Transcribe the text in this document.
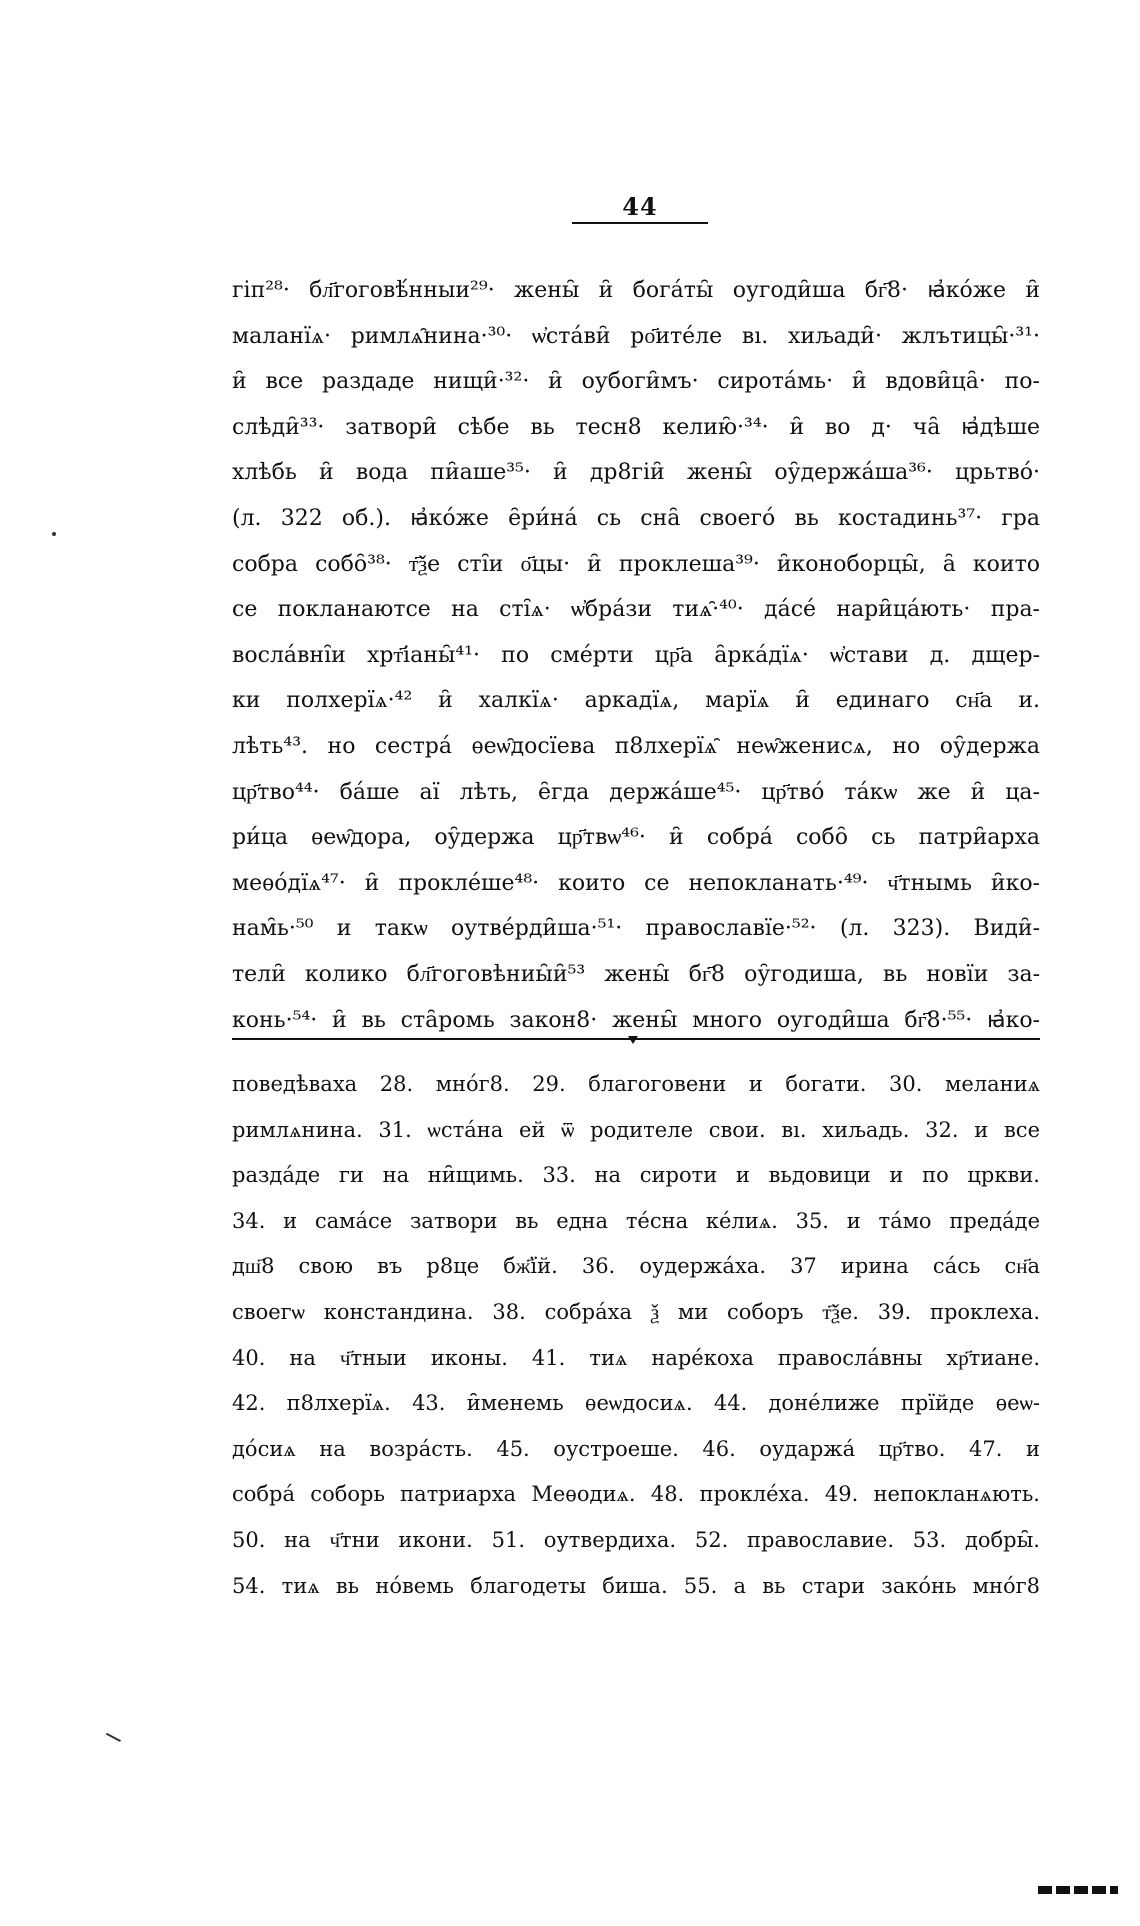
44
гіп²⁸· бл҃гоговѣ́нныи²⁹· жены̑ и̑ бога́ты̑ оугоди̑ша бг҃8· ꙗ҆ко́же и̑
маланїѧ· римлѧ̑нина·³⁰· ѡ҆ста́ви̑ ро҃ите́ле вı. хиљади̑· жлътицы̑·³¹·
и̑ все раздаде нищи̑·³²· и̑ оубоги̑мъ· сирота́мь· и̑ вдови̑ца̑· по-
слѣди̑³³· затвори̑ сѣбе вь тесн8 келию̑·³⁴· и̑ во д· ча̑ ꙗ҆дѣше
хлѣбь и̑ вода пи̑аше³⁵· и̑ др8гіи̑ жены̑ оу̑держа́ша³⁶· црьтво́·
(л. 322 об.). ꙗ҆ко́же е̑ри́на́ сь сна̑ своего́ вь костадинь³⁷· гра
собра собо̑³⁸· т҃ѯе сті̑и о҃цы· и̑ проклеша³⁹· и̑коноборцы̑, а̑ коитo
се покланаютсе на сті̑ѧ· ѡ҆бра́зи тиѧ̑·⁴⁰· да́се́ нари̑ца́ють· пра-
восла́вні̑и хрт҃іаны̑⁴¹· по сме́рти цр҃а а̑рка́дїѧ· ѡ҆стави д. дщер-
ки полхерїѧ·⁴² и̑ халкїѧ· аркадїѧ, марїѧ и̑ единаго сн҃а и.
лѣть⁴³. но сестра́ ѳеѡ̑досїева п8лхерїѧ̑ неѡ̑женисѧ, но оу̑держа
цр҃тво⁴⁴· ба́ше аї лѣть, е̑гда держа́ше⁴⁵· цр҃тво́ та́кѡ же и̑ ца-
ри́ца ѳеѡ̑дора, оу̑держа цр҃твѡ⁴⁶· и̑ собра́ собо̑ сь патри̑арха
меѳо́дїѧ⁴⁷· и̑ прокле́ше⁴⁸· коитo се непокланать·⁴⁹· ч҃тнымь и̑ко-
нам̑ь·⁵⁰ и такѡ оутве́рди̑ша·⁵¹· православїе·⁵²· (л. 323). Види̑-
тели̑ колико бл҃гоговѣниы̑и̑⁵³ жены̑ бг҃8 оу̑годиша, вь новїи за-
конь·⁵⁴· и̑ вь ста̑ромь закон8· жены̑ много оугоди̑ша бг҃8·⁵⁵· ꙗ҆ко-
поведѣваха 28. мно́г8. 29. благоговени и богати. 30. меланиѧ
римлѧнина. 31. ѡстáна ей ѿ родителе свои. вı. хиљадь. 32. и все
раздáде ги на ни̑щимь. 33. на сироти и вьдовици и по цркви.
34. и самáсе затвори вь една тéсна кéлиѧ. 35. и тáмо предáде
дш҃8 свою въ р8це бж҃їй. 36. оудержáха. 37 ирина сáсь сн҃а
своегѡ констандина. 38. собрáха ѯ ми соборъ т҃ѯе. 39. проклеха.
40. на ч҃тныи иконы. 41. тиѧ нарéкоха правосла́вны хр҃тиане.
42. п8лхерїѧ. 43. и̑менемь ѳеѡдосиѧ. 44. донéлиже прїйде ѳеѡ-
до́сиѧ на возрáсть. 45. оустроеше. 46. оударжá цр҃тво. 47. и
собрá соборь патриарха Меѳодиѧ. 48. проклéха. 49. непокланѧють.
50. на ч҃тни икони. 51. оутвердиха. 52. православие. 53. добры̑.
54. тиѧ вь но́вемь благодеты биша. 55. а вь стари закóнь мнóг8
